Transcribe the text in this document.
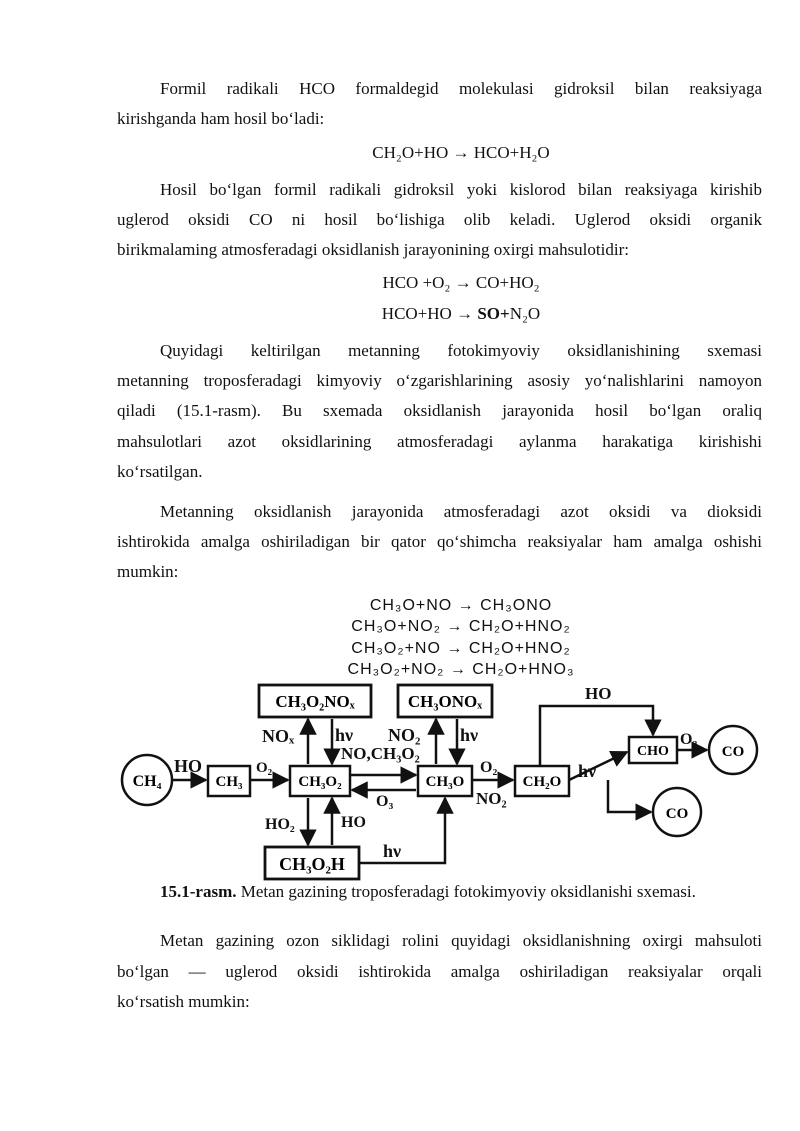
Formil radikali HCO formaldegid molekulasi gidroksil bilan reaksiyaga
kirishganda ham hosil bo‘ladi:
CH₂O+HO → HCO+H₂O
Hosil bo‘lgan formil radikali gidroksil yoki kislorod bilan reaksiyaga kirishib
uglerod oksidi CO ni hosil bo‘lishiga olib keladi. Uglerod oksidi organik
birikmalaming atmosferadagi oksidlanish jarayonining oxirgi mahsulotidir:
HCO +O₂ → CO+HO₂
HCO+HO → SO+N₂O
Quyidagi keltirilgan metanning fotokimyoviy oksidlanishining sxemasi
metanning troposferadagi kimyoviy o‘zgarishlarining asosiy yo‘nalishlarini namoyon
qiladi (15.1-rasm). Bu sxemada oksidlanish jarayonida hosil bo‘lgan oraliq
mahsulotlari azot oksidlarining atmosferadagi aylanma harakatiga kirishishi
ko‘rsatilgan.
Metanning oksidlanish jarayonida atmosferadagi azot oksidi va dioksidi
ishtirokida amalga oshiriladigan bir qator qo‘shimcha reaksiyalar ham amalga oshishi
mumkin:
CH₃O+NO → CH₃ONO
CH₃O+NO₂ → CH₂O+HNO₂
CH₃O₂+NO → CH₂O+HNO₂
CH₃O₂+NO₂ → CH₂O+HNO₃
CH₄	CH₃	CH₃O₂	CH₃O	CH₂O
CHO	CO
CO
CH₃O₂NOₓ	CH₃ONOₓ
CH₃O₂H
HO	O₂
NOₓ hν
NO,CH₃O₂
NO₂ hν
O₃
O₂
NO₂
hν
HO
O₂
HO₂	HO
hν
15.1-rasm. Metan gazining troposferadagi fotokimyoviy oksidlanishi sxemasi.
Metan gazining ozon siklidagi rolini quyidagi oksidlanishning oxirgi mahsuloti
bo‘lgan — uglerod oksidi ishtirokida amalga oshiriladigan reaksiyalar orqali
ko‘rsatish mumkin:
